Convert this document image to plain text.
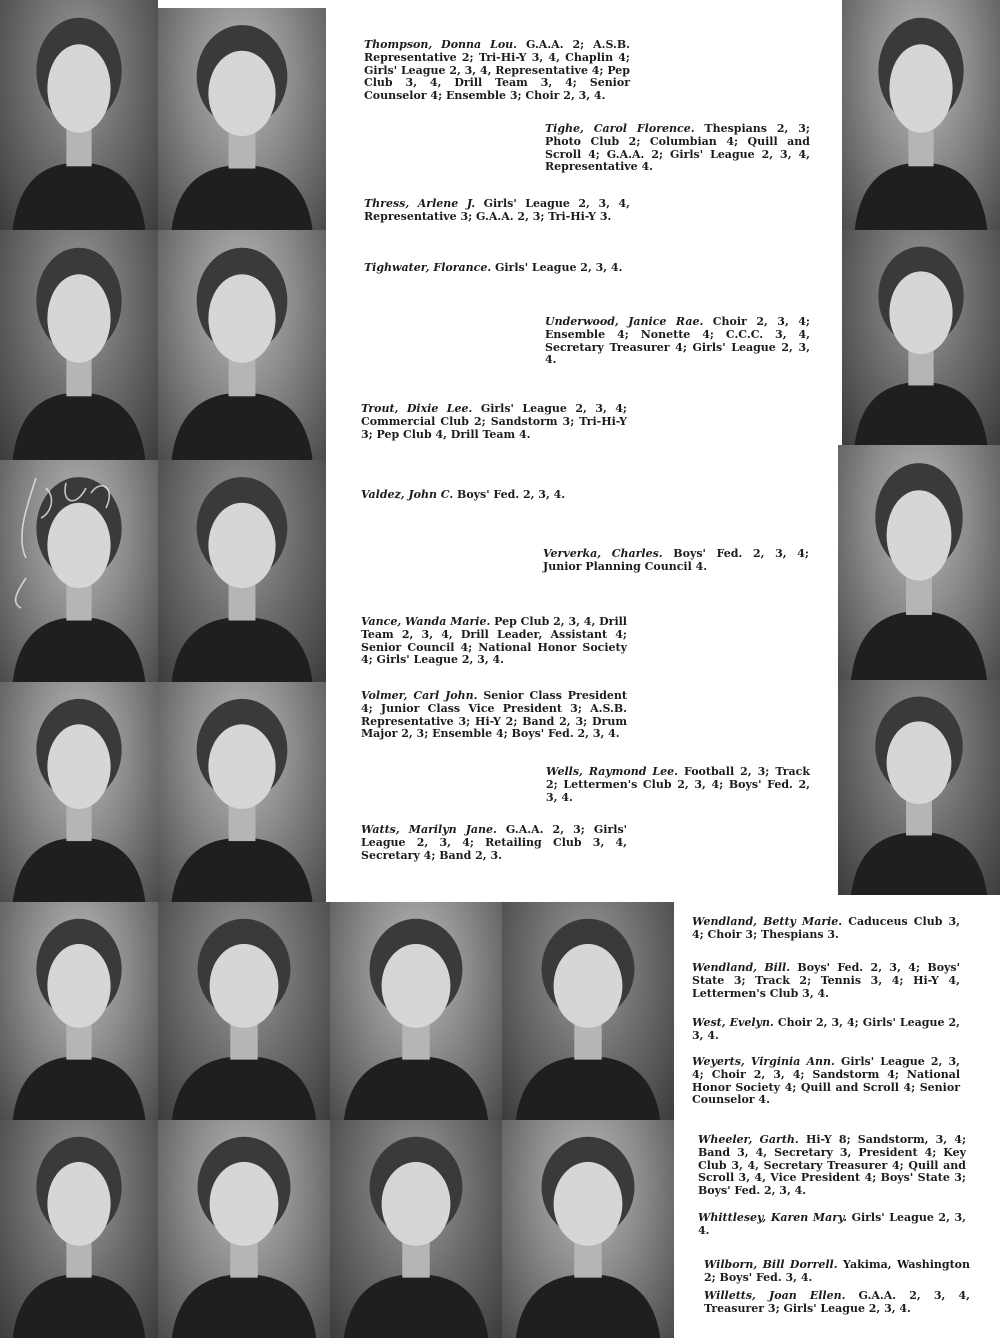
Thompson, Donna Lou. G.A.A. 2; A.S.B. Representative 2; Tri-Hi-Y 3, 4, Chaplin 4; Girls' League 2, 3, 4, Representative 4; Pep Club 3, 4, Drill Team 3, 4; Senior Counselor 4; Ensemble 3; Choir 2, 3, 4.
Tighe, Carol Florence. Thespians 2, 3; Photo Club 2; Columbian 4; Quill and Scroll 4; G.A.A. 2; Girls' League 2, 3, 4, Representative 4.
Thress, Arlene J. Girls' League 2, 3, 4, Representative 3; G.A.A. 2, 3; Tri-Hi-Y 3.
Tighwater, Florance. Girls' League 2, 3, 4.
Underwood, Janice Rae. Choir 2, 3, 4; Ensemble 4; Nonette 4; C.C.C. 3, 4, Secretary Treasurer 4; Girls' League 2, 3, 4.
Trout, Dixie Lee. Girls' League 2, 3, 4; Commercial Club 2; Sandstorm 3; Tri-Hi-Y 3; Pep Club 4, Drill Team 4.
Valdez, John C. Boys' Fed. 2, 3, 4.
Ververka, Charles. Boys' Fed. 2, 3, 4; Junior Planning Council 4.
Vance, Wanda Marie. Pep Club 2, 3, 4, Drill Team 2, 3, 4, Drill Leader, Assistant 4; Senior Council 4; National Honor Society 4; Girls' League 2, 3, 4.
Volmer, Carl John. Senior Class President 4; Junior Class Vice President 3; A.S.B. Representative 3; Hi-Y 2; Band 2, 3; Drum Major 2, 3; Ensemble 4; Boys' Fed. 2, 3, 4.
Wells, Raymond Lee. Football 2, 3; Track 2; Lettermen's Club 2, 3, 4; Boys' Fed. 2, 3, 4.
Watts, Marilyn Jane. G.A.A. 2, 3; Girls' League 2, 3, 4; Retailing Club 3, 4, Secretary 4; Band 2, 3.
Wendland, Betty Marie. Caduceus Club 3, 4; Choir 3; Thespians 3.
Wendland, Bill. Boys' Fed. 2, 3, 4; Boys' State 3; Track 2; Tennis 3, 4; Hi-Y 4, Lettermen's Club 3, 4.
West, Evelyn. Choir 2, 3, 4; Girls' League 2, 3, 4.
Weyerts, Virginia Ann. Girls' League 2, 3, 4; Choir 2, 3, 4; Sandstorm 4; National Honor Society 4; Quill and Scroll 4; Senior Counselor 4.
Wheeler, Garth. Hi-Y 8; Sandstorm, 3, 4; Band 3, 4, Secretary 3, President 4; Key Club 3, 4, Secretary Treasurer 4; Quill and Scroll 3, 4, Vice President 4; Boys' State 3; Boys' Fed. 2, 3, 4.
Whittlesey, Karen Mary. Girls' League 2, 3, 4.
Wilborn, Bill Dorrell. Yakima, Washington 2; Boys' Fed. 3, 4.
Willetts, Joan Ellen. G.A.A. 2, 3, 4, Treasurer 3; Girls' League 2, 3, 4.
